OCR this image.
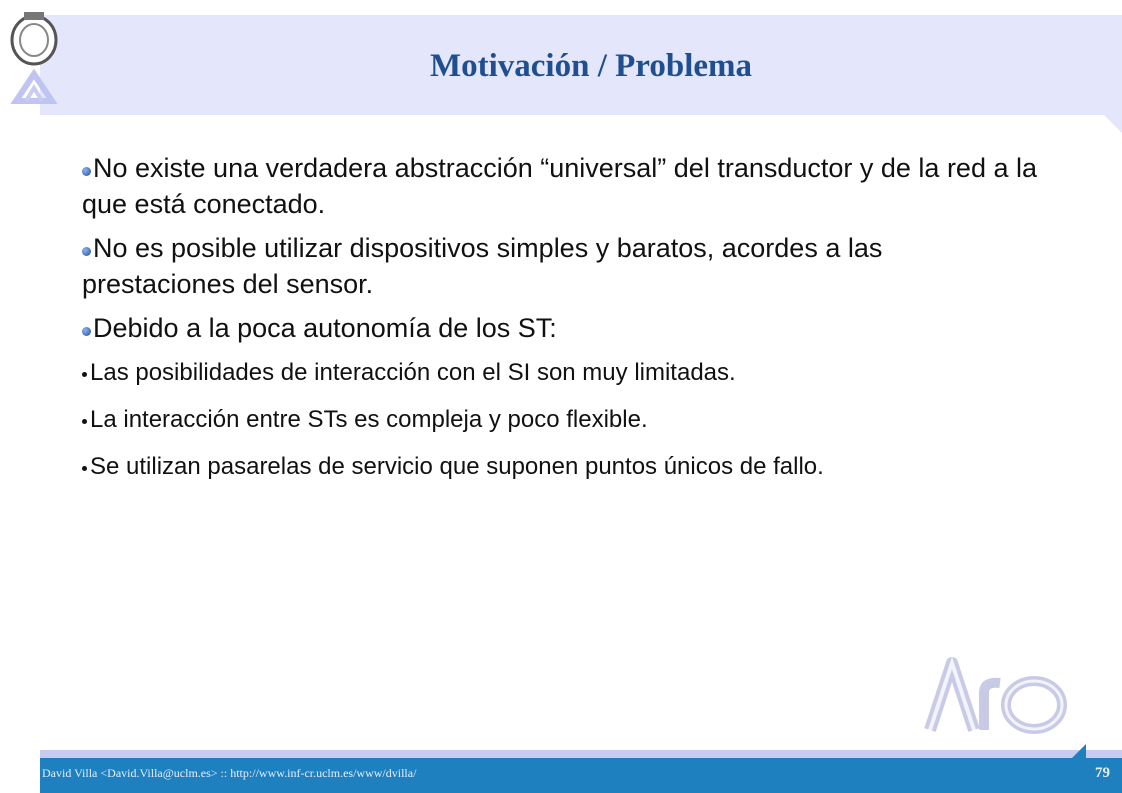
Motivación / Problema
No existe una verdadera abstracción “universal” del transductor y de la red a la que está conectado.
No es posible utilizar dispositivos simples y baratos, acordes a las prestaciones del sensor.
Debido a la poca autonomía de los ST:
Las posibilidades de interacción con el SI son muy limitadas.
La interacción entre STs es compleja y poco flexible.
Se utilizan pasarelas de servicio que suponen puntos únicos de fallo.
David Villa <David.Villa@uclm.es> :: http://www.inf-cr.uclm.es/www/dvilla/	79
